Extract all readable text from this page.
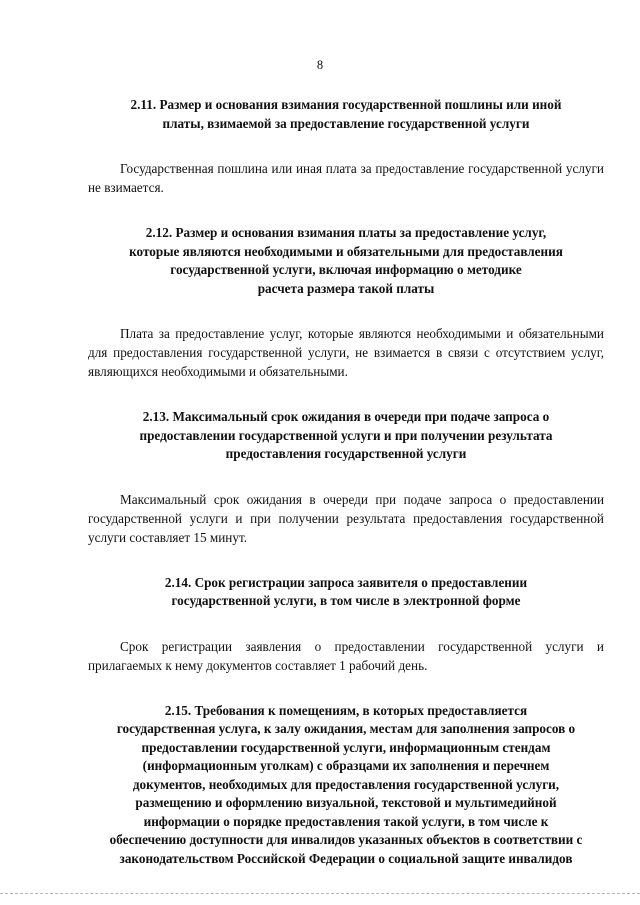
8
2.11. Размер и основания взимания государственной пошлины или иной
платы, взимаемой за предоставление государственной услуги

Государственная пошлина или иная плата за предоставление государственной услуги не взимается.

2.12. Размер и основания взимания платы за предоставление услуг,
которые являются необходимыми и обязательными для предоставления
государственной услуги, включая информацию о методике
расчета размера такой платы

Плата за предоставление услуг, которые являются необходимыми и обязательными для предоставления государственной услуги, не взимается в связи с отсутствием услуг, являющихся необходимыми и обязательными.

2.13. Максимальный срок ожидания в очереди при подаче запроса о
предоставлении государственной услуги и при получении результата
предоставления государственной услуги

Максимальный срок ожидания в очереди при подаче запроса о предоставлении государственной услуги и при получении результата предоставления государственной услуги составляет 15 минут.

2.14. Срок регистрации запроса заявителя о предоставлении
государственной услуги, в том числе в электронной форме

Срок регистрации заявления о предоставлении государственной услуги и прилагаемых к нему документов составляет 1 рабочий день.

2.15. Требования к помещениям, в которых предоставляется
государственная услуга, к залу ожидания, местам для заполнения запросов о
предоставлении государственной услуги, информационным стендам
(информационным уголкам) с образцами их заполнения и перечнем
документов, необходимых для предоставления государственной услуги,
размещению и оформлению визуальной, текстовой и мультимедийной
информации о порядке предоставления такой услуги, в том числе к
обеспечению доступности для инвалидов указанных объектов в соответствии с
законодательством Российской Федерации о социальной защите инвалидов
